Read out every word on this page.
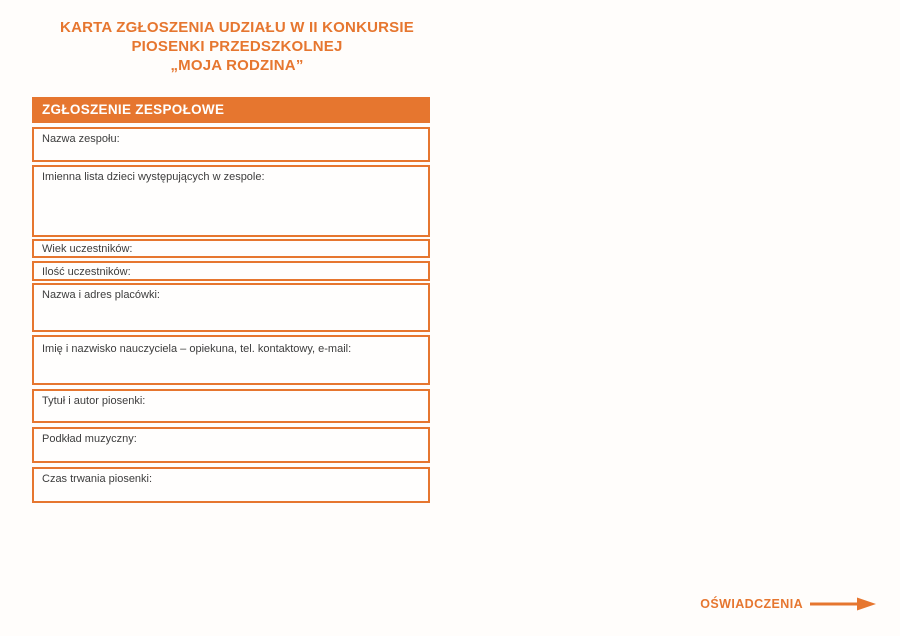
KARTA ZGŁOSZENIA UDZIAŁU W II KONKURSIE
PIOSENKI PRZEDSZKOLNEJ
„MOJA RODZINA”
ZGŁOSZENIE ZESPOŁOWE
Nazwa zespołu:
Imienna lista dzieci występujących w zespole:
Wiek uczestników:
Ilość uczestników:
Nazwa i adres placówki:
Imię i nazwisko nauczyciela – opiekuna, tel. kontaktowy, e-mail:
Tytuł i autor piosenki:
Podkład muzyczny:
Czas trwania piosenki:
OŚWIADCZENIA
